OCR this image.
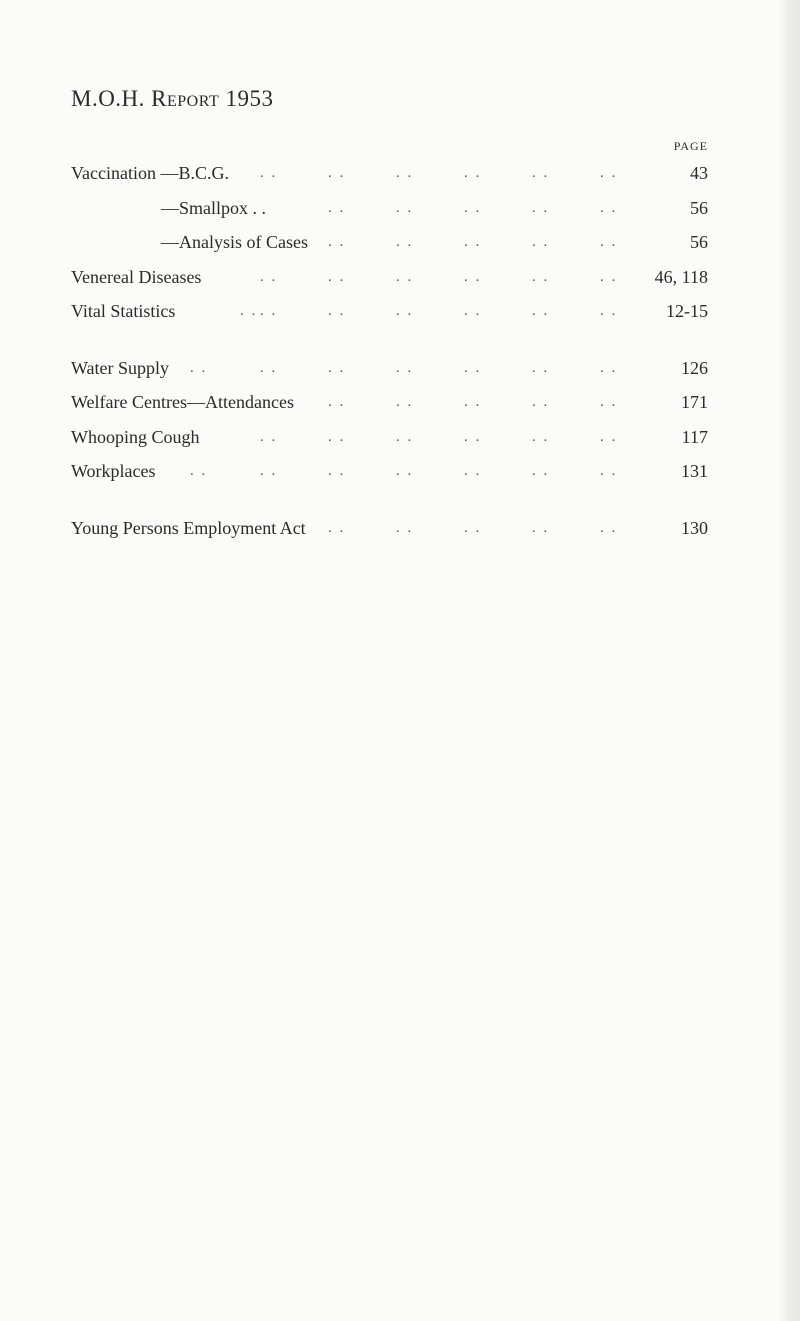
M.O.H. Report 1953
PAGE
Vaccination —B.C.G. . .	. .	. .	. .	. .	. .	43
—Smallpox . .	. .	. .	. .	. .	. .	56
—Analysis of Cases . .	. .	. .	. .	. .	56
Venereal Diseases	. .	. .	. .	. .	. .	. .	46, 118
Vital Statistics	. . . .	. .	. .	. .	. .	. .	12-15
Water Supply . .	. .	. .	. .	. .	. .	. .	126
Welfare Centres—Attendances . .	. .	. .	. .	. .	171
Whooping Cough	. .	. .	. .	. .	. .	. .	117
Workplaces . .	. .	. .	. .	. .	. .	. .	131
Young Persons Employment Act . .	. .	. .	. .	. .	130
